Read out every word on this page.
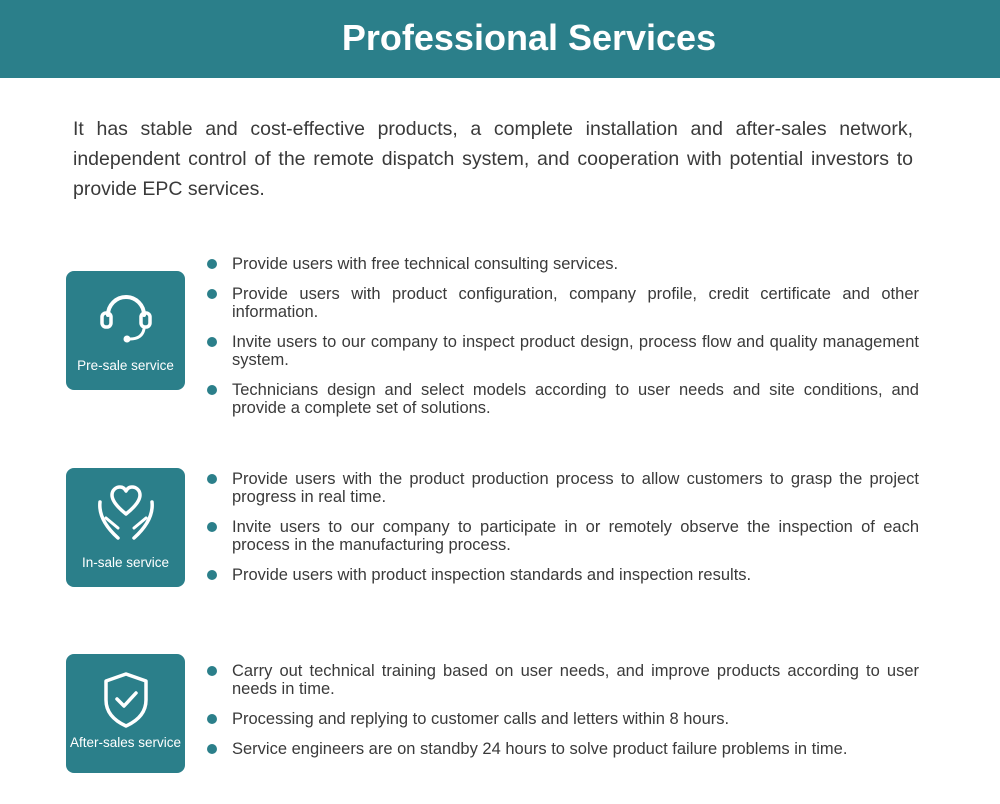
Professional Services

It has stable and cost-effective products, a complete installation and after-sales network, independent control of the remote dispatch system, and cooperation with potential investors to provide EPC services.

Pre-sale service
Provide users with free technical consulting services.
Provide users with product configuration, company profile, credit certificate and other information.
Invite users to our company to inspect product design, process flow and quality management system.
Technicians design and select models according to user needs and site conditions, and provide a complete set of solutions.
In-sale service
Provide users with the product production process to allow customers to grasp the project progress in real time.
Invite users to our company to participate in or remotely observe the inspection of each process in the manufacturing process.
Provide users with product inspection standards and inspection results.
After-sales service
Carry out technical training based on user needs, and improve products according to user needs in time.
Processing and replying to customer calls and letters within 8 hours.
Service engineers are on standby 24 hours to solve product failure problems in time.
